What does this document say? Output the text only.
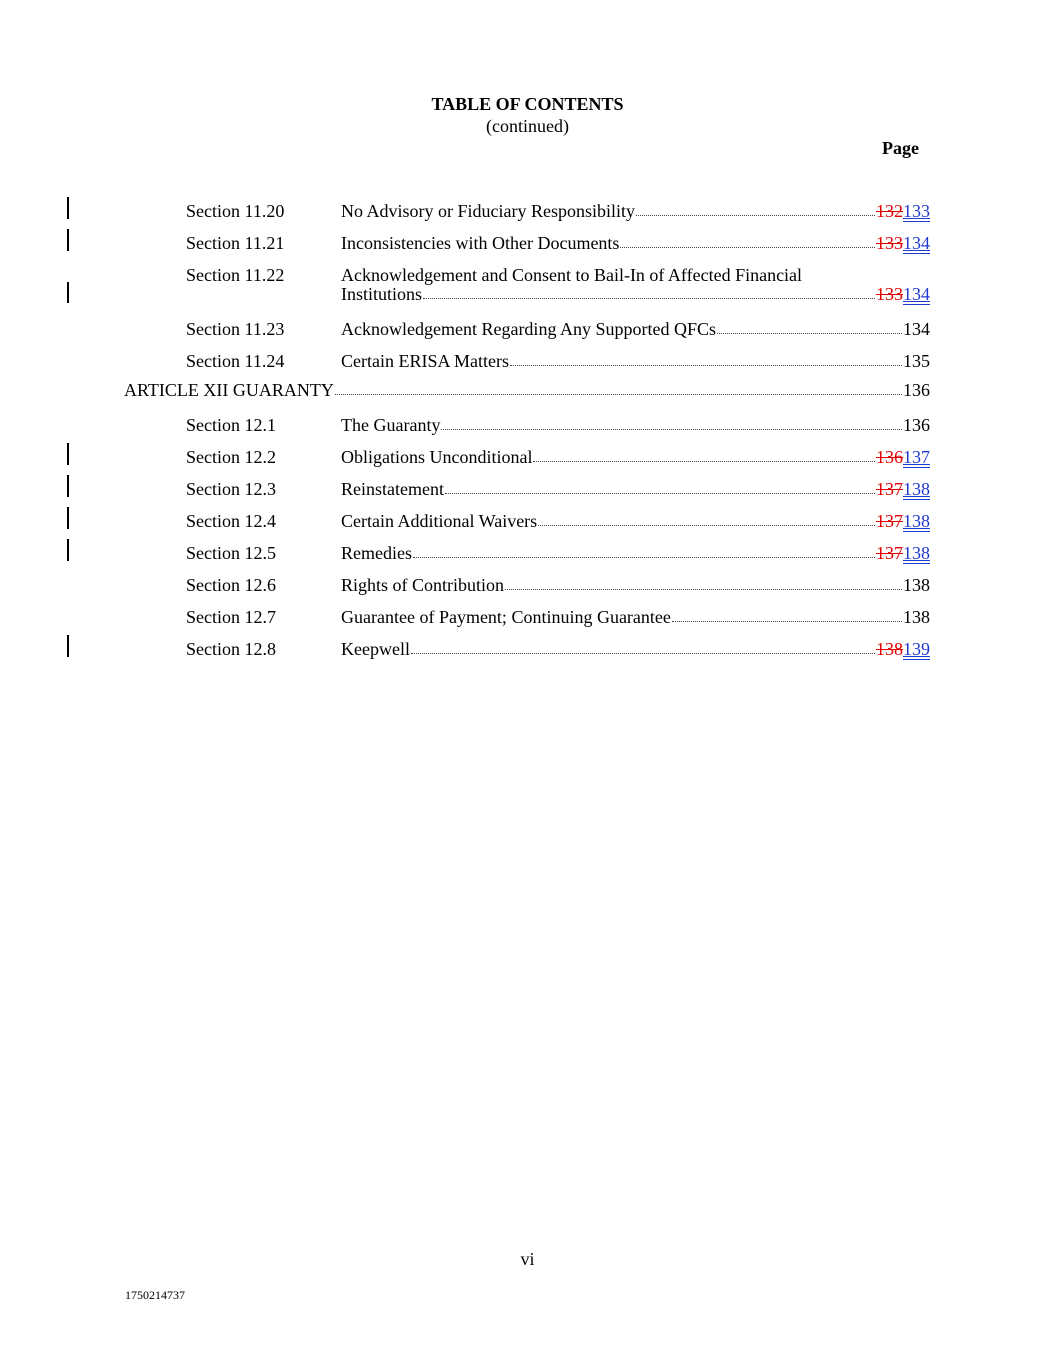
TABLE OF CONTENTS
(continued)
Page
Section 11.20	No Advisory or Fiduciary Responsibility	132133
Section 11.21	Inconsistencies with Other Documents	133134
Section 11.22	Acknowledgement and Consent to Bail-In of Affected Financial
Institutions	133134
Section 11.23	Acknowledgement Regarding Any Supported QFCs	134
Section 11.24	Certain ERISA Matters	135
ARTICLE XII GUARANTY	136
Section 12.1	The Guaranty	136
Section 12.2	Obligations Unconditional	136137
Section 12.3	Reinstatement	137138
Section 12.4	Certain Additional Waivers	137138
Section 12.5	Remedies	137138
Section 12.6	Rights of Contribution	138
Section 12.7	Guarantee of Payment; Continuing Guarantee	138
Section 12.8	Keepwell	138139
vi
1750214737
